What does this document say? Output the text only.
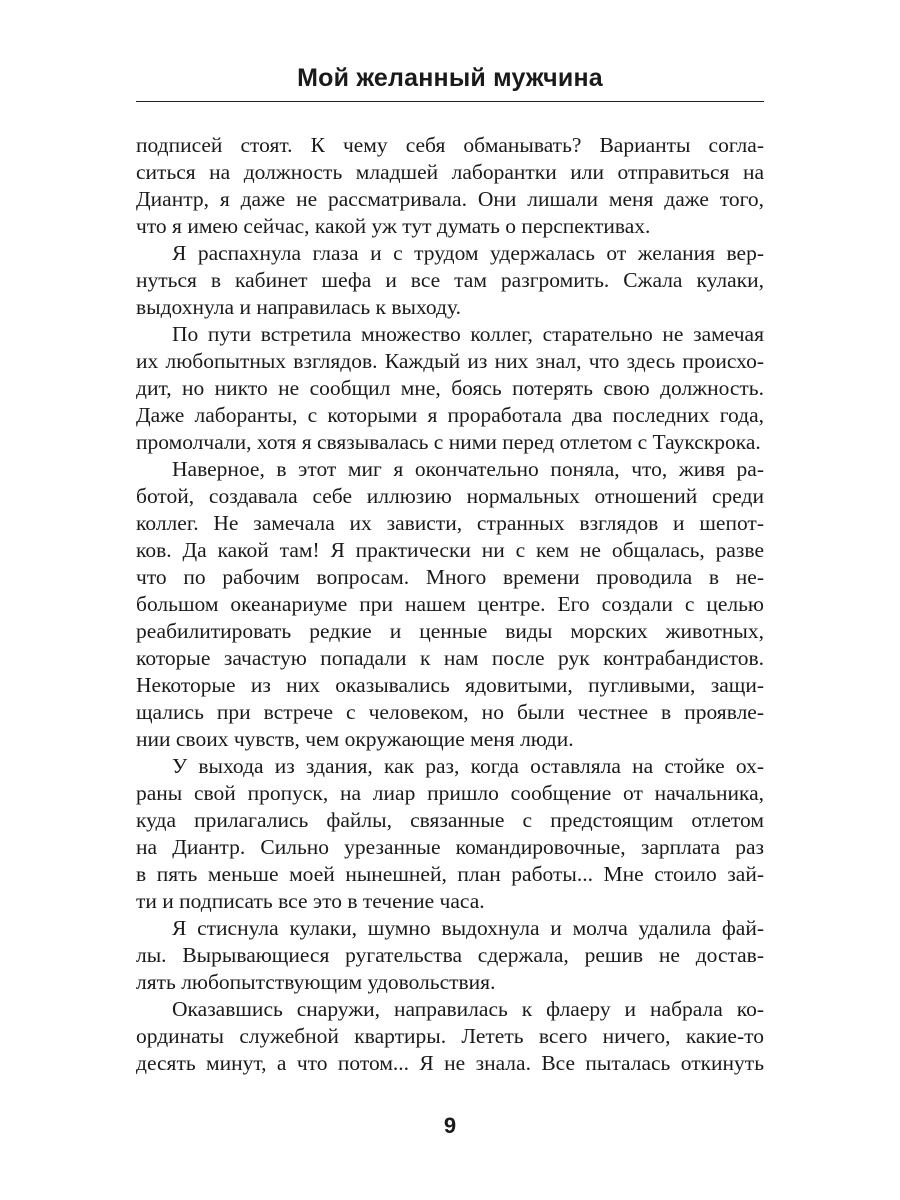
Мой желанный мужчина
подписей стоят. К чему себя обманывать? Варианты согла-
ситься на должность младшей лаборантки или отправиться на
Диантр, я даже не рассматривала. Они лишали меня даже того,
что я имею сейчас, какой уж тут думать о перспективах.
Я распахнула глаза и с трудом удержалась от желания вер-
нуться в кабинет шефа и все там разгромить. Сжала кулаки,
выдохнула и направилась к выходу.
По пути встретила множество коллег, старательно не замечая
их любопытных взглядов. Каждый из них знал, что здесь происхо-
дит, но никто не сообщил мне, боясь потерять свою должность.
Даже лаборанты, с которыми я проработала два последних года,
промолчали, хотя я связывалась с ними перед отлетом с Таукскрока.
Наверное, в этот миг я окончательно поняла, что, живя ра-
ботой, создавала себе иллюзию нормальных отношений среди
коллег. Не замечала их зависти, странных взглядов и шепот-
ков. Да какой там! Я практически ни с кем не общалась, разве
что по рабочим вопросам. Много времени проводила в не-
большом океанариуме при нашем центре. Его создали с целью
реабилитировать редкие и ценные виды морских животных,
которые зачастую попадали к нам после рук контрабандистов.
Некоторые из них оказывались ядовитыми, пугливыми, защи-
щались при встрече с человеком, но были честнее в проявле-
нии своих чувств, чем окружающие меня люди.
У выхода из здания, как раз, когда оставляла на стойке ох-
раны свой пропуск, на лиар пришло сообщение от начальника,
куда прилагались файлы, связанные с предстоящим отлетом
на Диантр. Сильно урезанные командировочные, зарплата раз
в пять меньше моей нынешней, план работы... Мне стоило зай-
ти и подписать все это в течение часа.
Я стиснула кулаки, шумно выдохнула и молча удалила фай-
лы. Вырывающиеся ругательства сдержала, решив не достав-
лять любопытствующим удовольствия.
Оказавшись снаружи, направилась к флаеру и набрала ко-
ординаты служебной квартиры. Лететь всего ничего, какие-то
десять минут, а что потом... Я не знала. Все пыталась откинуть
9
